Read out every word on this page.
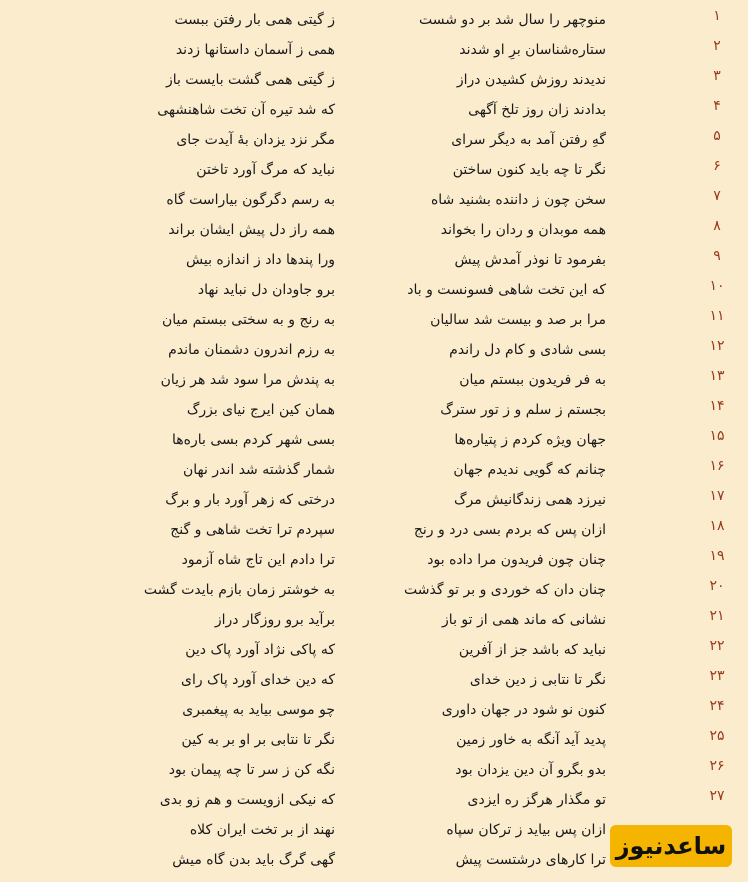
۱
منوچهر را سال شد بر دو شست
ز گیتی همی بار رفتن ببست
۲
ستاره‌شناسان برِ او شدند
همی ز آسمان داستانها زدند
۳
ندیدند روزش کشیدن دراز
ز گیتی همی گشت بایست باز
۴
بدادند زان روز تلخ آگهی
که شد تیره آن تخت شاهنشهی
۵
گهِ رفتن آمد به دیگر سرای
مگر نزد یزدان بهٔ آیدت جای
۶
نگر تا چه باید کنون ساختن
نباید که مرگ آورد تاختن
۷
سخن چون ز داننده بشنید شاه
به رسم دگرگون بیاراست گاه
۸
همه موبدان و ردان را بخواند
همه راز دل پیش ایشان براند
۹
بفرمود تا نوذر آمدش پیش
ورا پندها داد ز اندازه بیش
۱۰
که این تخت شاهی فسونست و باد
برو جاودان دل نباید نهاد
۱۱
مرا بر صد و بیست شد سالیان
به رنج و به سختی ببستم میان
۱۲
بسی شادی و کام دل راندم
به رزم اندرون دشمنان ماندم
۱۳
به فر فریدون ببستم میان
به پندش مرا سود شد هر زیان
۱۴
بجستم ز سلم و ز تور سترگ
همان کین ایرج نیای بزرگ
۱۵
جهان ویژه کردم ز پتیاره‌ها
بسی شهر کردم بسی باره‌ها
۱۶
چنانم که گویی ندیدم جهان
شمار گذشته شد اندر نهان
۱۷
نیرزد همی زندگانیش مرگ
درختی که زهر آورد بار و برگ
۱۸
ازان پس که بردم بسی درد و رنج
سپردم ترا تخت شاهی و گنج
۱۹
چنان چون فریدون مرا داده بود
ترا دادم این تاج شاه آزمود
۲۰
چنان دان که خوردی و بر تو گذشت
به خوشتر زمان بازم بایدت گشت
۲۱
نشانی که ماند همی از تو باز
برآید برو روزگار دراز
۲۲
نباید که باشد جز از آفرین
که پاکی نژاد آورد پاک دین
۲۳
نگر تا نتابی ز دین خدای
که دین خدای آورد پاک رای
۲۴
کنون نو شود در جهان داوری
چو موسی بیاید به پیغمبری
۲۵
پدید آید آنگه به خاور زمین
نگر تا نتابی بر او بر به کین
۲۶
بدو بگرو آن دین یزدان بود
نگه کن ز سر تا چه پیمان بود
۲۷
تو مگذار هرگز ره ایزدی
که نیکی ازویست و هم زو بدی
ازان پس بیاید ز ترکان سپاه
نهند از بر تخت ایران کلاه
ترا کارهای درشتست پیش
گهی گرگ باید بدن گاه میش	ساعدنیوز
